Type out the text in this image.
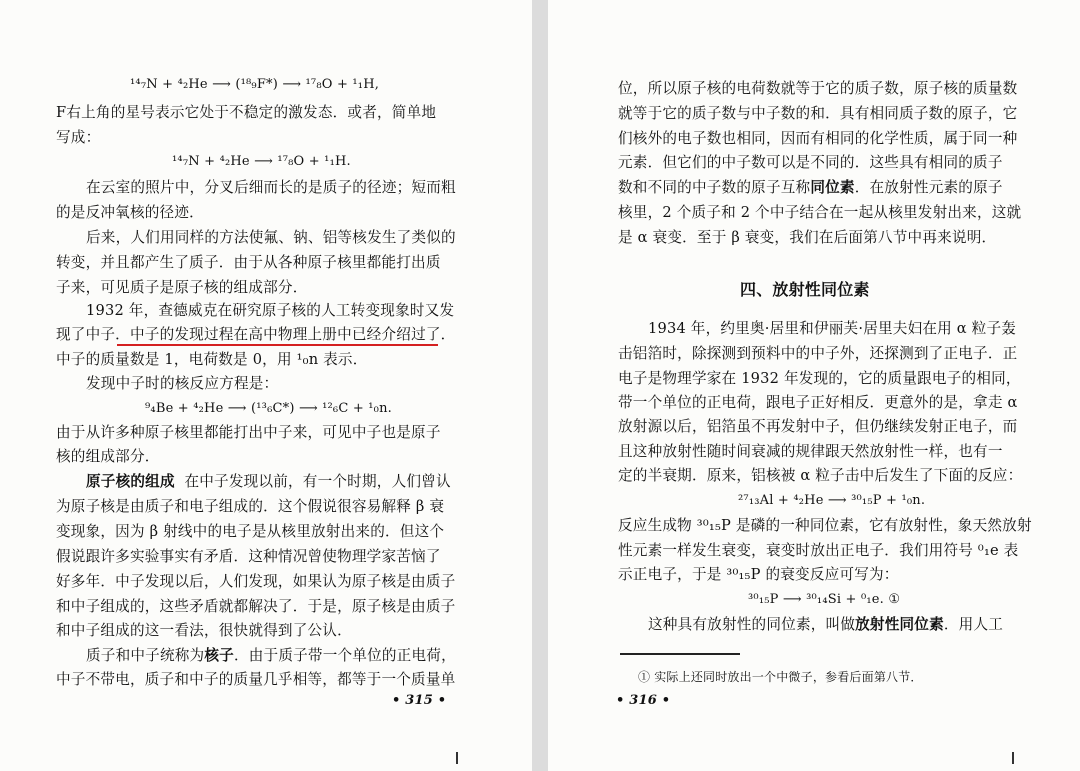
¹⁴₇N + ⁴₂He ⟶ (¹⁸₉F*) ⟶ ¹⁷₈O + ¹₁H,
F右上角的星号表示它处于不稳定的激发态．或者，简单地
写成：
¹⁴₇N + ⁴₂He ⟶ ¹⁷₈O + ¹₁H.
在云室的照片中，分叉后细而长的是质子的径迹；短而粗
的是反冲氧核的径迹．
后来，人们用同样的方法使氟、钠、铝等核发生了类似的
转变，并且都产生了质子．由于从各种原子核里都能打出质
子来，可见质子是原子核的组成部分．
1932 年，查德威克在研究原子核的人工转变现象时又发
现了中子．中子的发现过程在高中物理上册中已经介绍过了．
中子的质量数是 1，电荷数是 0，用 ¹₀n 表示．
发现中子时的核反应方程是：
⁹₄Be + ⁴₂He ⟶ (¹³₆C*) ⟶ ¹²₆C + ¹₀n.
由于从许多种原子核里都能打出中子来，可见中子也是原子
核的组成部分．
原子核的组成 在中子发现以前，有一个时期，人们曾认
为原子核是由质子和电子组成的．这个假说很容易解释 β 衰
变现象，因为 β 射线中的电子是从核里放射出来的．但这个
假说跟许多实验事实有矛盾．这种情况曾使物理学家苦恼了
好多年．中子发现以后，人们发现，如果认为原子核是由质子
和中子组成的，这些矛盾就都解决了．于是，原子核是由质子
和中子组成的这一看法，很快就得到了公认．
质子和中子统称为核子．由于质子带一个单位的正电荷，
中子不带电，质子和中子的质量几乎相等，都等于一个质量单
• 315 •
位，所以原子核的电荷数就等于它的质子数，原子核的质量数
就等于它的质子数与中子数的和．具有相同质子数的原子，它
们核外的电子数也相同，因而有相同的化学性质，属于同一种
元素．但它们的中子数可以是不同的．这些具有相同的质子
数和不同的中子数的原子互称同位素．在放射性元素的原子
核里，2 个质子和 2 个中子结合在一起从核里发射出来，这就
是 α 衰变．至于 β 衰变，我们在后面第八节中再来说明．
四、放射性同位素
1934 年，约里奥·居里和伊丽芙·居里夫妇在用 α 粒子轰
击铝箔时，除探测到预料中的中子外，还探测到了正电子．正
电子是物理学家在 1932 年发现的，它的质量跟电子的相同，
带一个单位的正电荷，跟电子正好相反．更意外的是，拿走 α
放射源以后，铝箔虽不再发射中子，但仍继续发射正电子，而
且这种放射性随时间衰减的规律跟天然放射性一样，也有一
定的半衰期．原来，铝核被 α 粒子击中后发生了下面的反应：
²⁷₁₃Al + ⁴₂He ⟶ ³⁰₁₅P + ¹₀n.
反应生成物 ³⁰₁₅P 是磷的一种同位素，它有放射性，象天然放射
性元素一样发生衰变，衰变时放出正电子．我们用符号 ⁰₁e 表
示正电子，于是 ³⁰₁₅P 的衰变反应可写为：
³⁰₁₅P ⟶ ³⁰₁₄Si + ⁰₁e. ①
这种具有放射性的同位素，叫做放射性同位素．用人工
① 实际上还同时放出一个中微子，参看后面第八节．
• 316 •
